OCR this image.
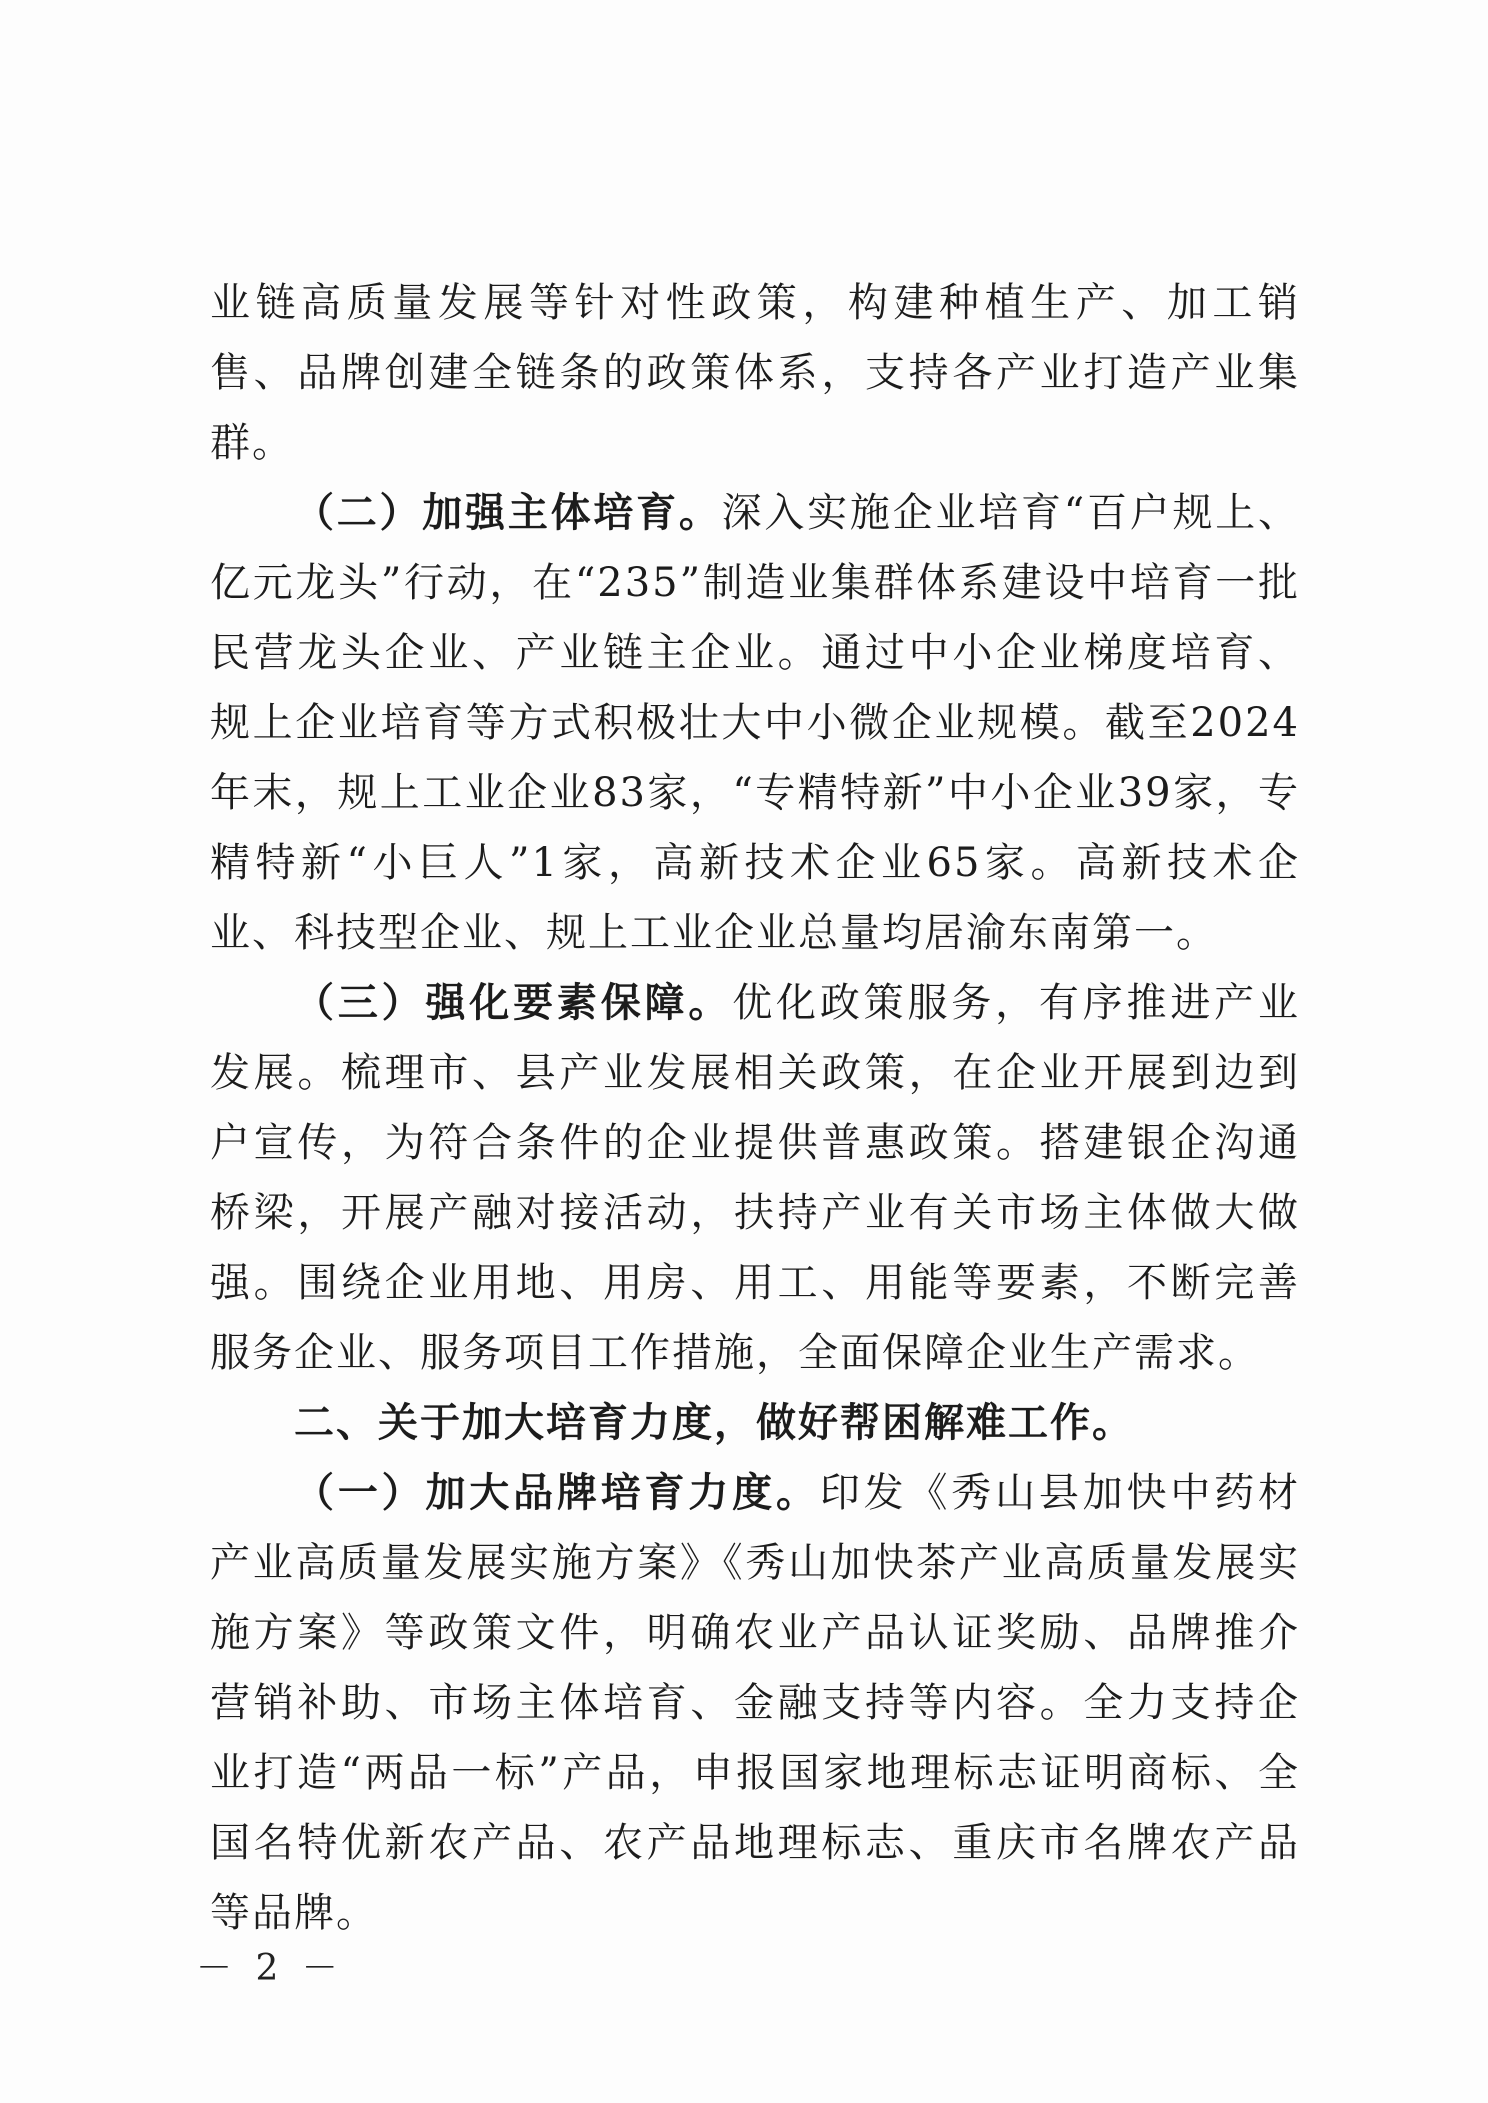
业链高质量发展等针对性政策，构建种植生产、加工销售、品牌创建全链条的政策体系，支持各产业打造产业集群。

（二）加强主体培育。深入实施企业培育“百户规上、亿元龙头”行动，在“235”制造业集群体系建设中培育一批民营龙头企业、产业链主企业。通过中小企业梯度培育、规上企业培育等方式积极壮大中小微企业规模。截至2024年末，规上工业企业83家，“专精特新”中小企业39家，专精特新“小巨人”1家，高新技术企业65家。高新技术企业、科技型企业、规上工业企业总量均居渝东南第一。

（三）强化要素保障。优化政策服务，有序推进产业发展。梳理市、县产业发展相关政策，在企业开展到边到户宣传，为符合条件的企业提供普惠政策。搭建银企沟通桥梁，开展产融对接活动，扶持产业有关市场主体做大做强。围绕企业用地、用房、用工、用能等要素，不断完善服务企业、服务项目工作措施，全面保障企业生产需求。

二、关于加大培育力度，做好帮困解难工作。

（一）加大品牌培育力度。印发《秀山县加快中药材产业高质量发展实施方案》《秀山加快茶产业高质量发展实施方案》等政策文件，明确农业产品认证奖励、品牌推介营销补助、市场主体培育、金融支持等内容。全力支持企业打造“两品一标”产品，申报国家地理标志证明商标、全国名特优新农产品、农产品地理标志、重庆市名牌农产品等品牌。

－ 2 －
